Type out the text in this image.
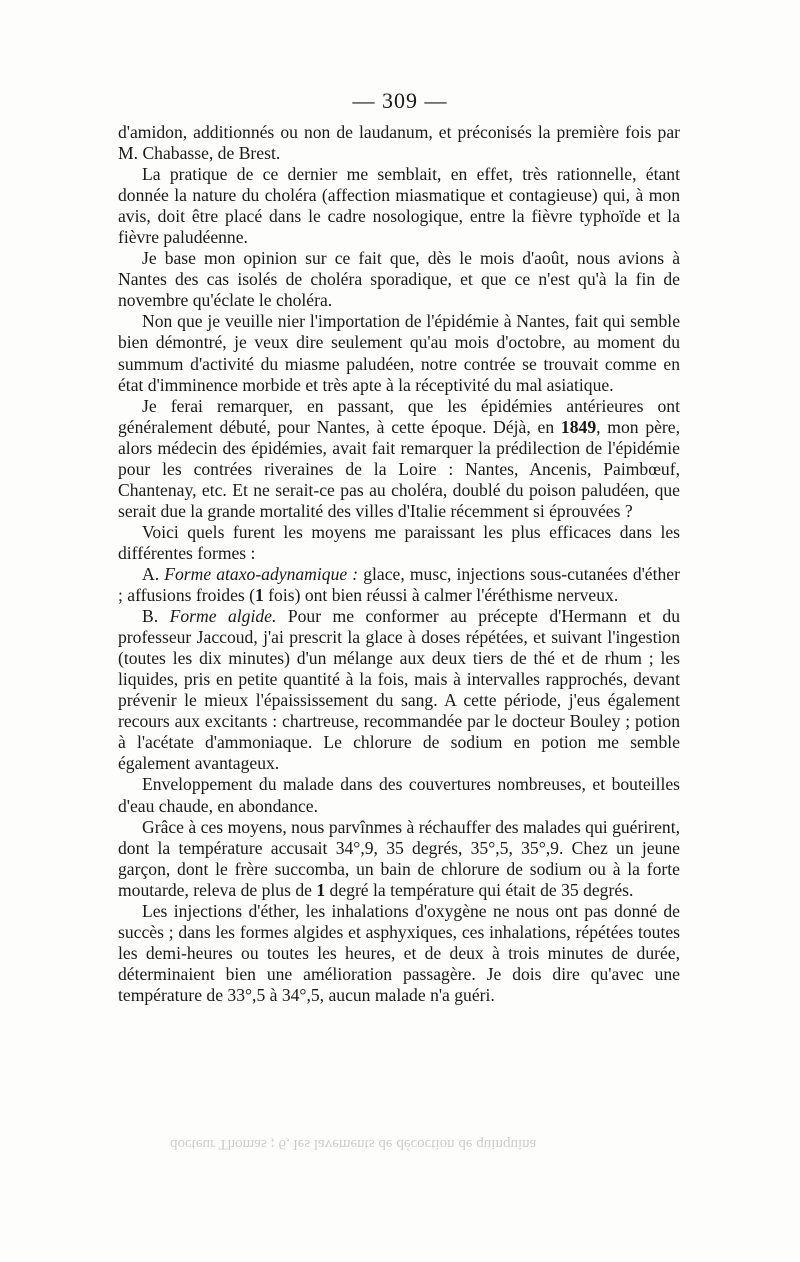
— 309 —

d'amidon, additionnés ou non de laudanum, et préconisés la première fois par M. Chabasse, de Brest.

La pratique de ce dernier me semblait, en effet, très rationnelle, étant donnée la nature du choléra (affection miasmatique et contagieuse) qui, à mon avis, doit être placé dans le cadre nosologique, entre la fièvre typhoïde et la fièvre paludéenne.

Je base mon opinion sur ce fait que, dès le mois d'août, nous avions à Nantes des cas isolés de choléra sporadique, et que ce n'est qu'à la fin de novembre qu'éclate le choléra.

Non que je veuille nier l'importation de l'épidémie à Nantes, fait qui semble bien démontré, je veux dire seulement qu'au mois d'octobre, au moment du summum d'activité du miasme paludéen, notre contrée se trouvait comme en état d'imminence morbide et très apte à la réceptivité du mal asiatique.

Je ferai remarquer, en passant, que les épidémies antérieures ont généralement débuté, pour Nantes, à cette époque. Déjà, en 1849, mon père, alors médecin des épidémies, avait fait remarquer la prédilection de l'épidémie pour les contrées riveraines de la Loire : Nantes, Ancenis, Paimbœuf, Chantenay, etc. Et ne serait-ce pas au choléra, doublé du poison paludéen, que serait due la grande mortalité des villes d'Italie récemment si éprouvées ?

Voici quels furent les moyens me paraissant les plus efficaces dans les différentes formes :

A. Forme ataxo-adynamique : glace, musc, injections sous-cutanées d'éther ; affusions froides (1 fois) ont bien réussi à calmer l'éréthisme nerveux.

B. Forme algide. Pour me conformer au précepte d'Hermann et du professeur Jaccoud, j'ai prescrit la glace à doses répétées, et suivant l'ingestion (toutes les dix minutes) d'un mélange aux deux tiers de thé et de rhum ; les liquides, pris en petite quantité à la fois, mais à intervalles rapprochés, devant prévenir le mieux l'épaississement du sang. A cette période, j'eus également recours aux excitants : chartreuse, recommandée par le docteur Bouley ; potion à l'acétate d'ammoniaque. Le chlorure de sodium en potion me semble également avantageux.

Enveloppement du malade dans des couvertures nombreuses, et bouteilles d'eau chaude, en abondance.

Grâce à ces moyens, nous parvînmes à réchauffer des malades qui guérirent, dont la température accusait 34°,9, 35 degrés, 35°,5, 35°,9. Chez un jeune garçon, dont le frère succomba, un bain de chlorure de sodium ou à la forte moutarde, releva de plus de 1 degré la température qui était de 35 degrés.

Les injections d'éther, les inhalations d'oxygène ne nous ont pas donné de succès ; dans les formes algides et asphyxiques, ces inhalations, répétées toutes les demi-heures ou toutes les heures, et de deux à trois minutes de durée, déterminaient bien une amélioration passagère. Je dois dire qu'avec une température de 33°,5 à 34°,5, aucun malade n'a guéri.

docteur Thomas ; 6, les lavements de décoction de quinquina
